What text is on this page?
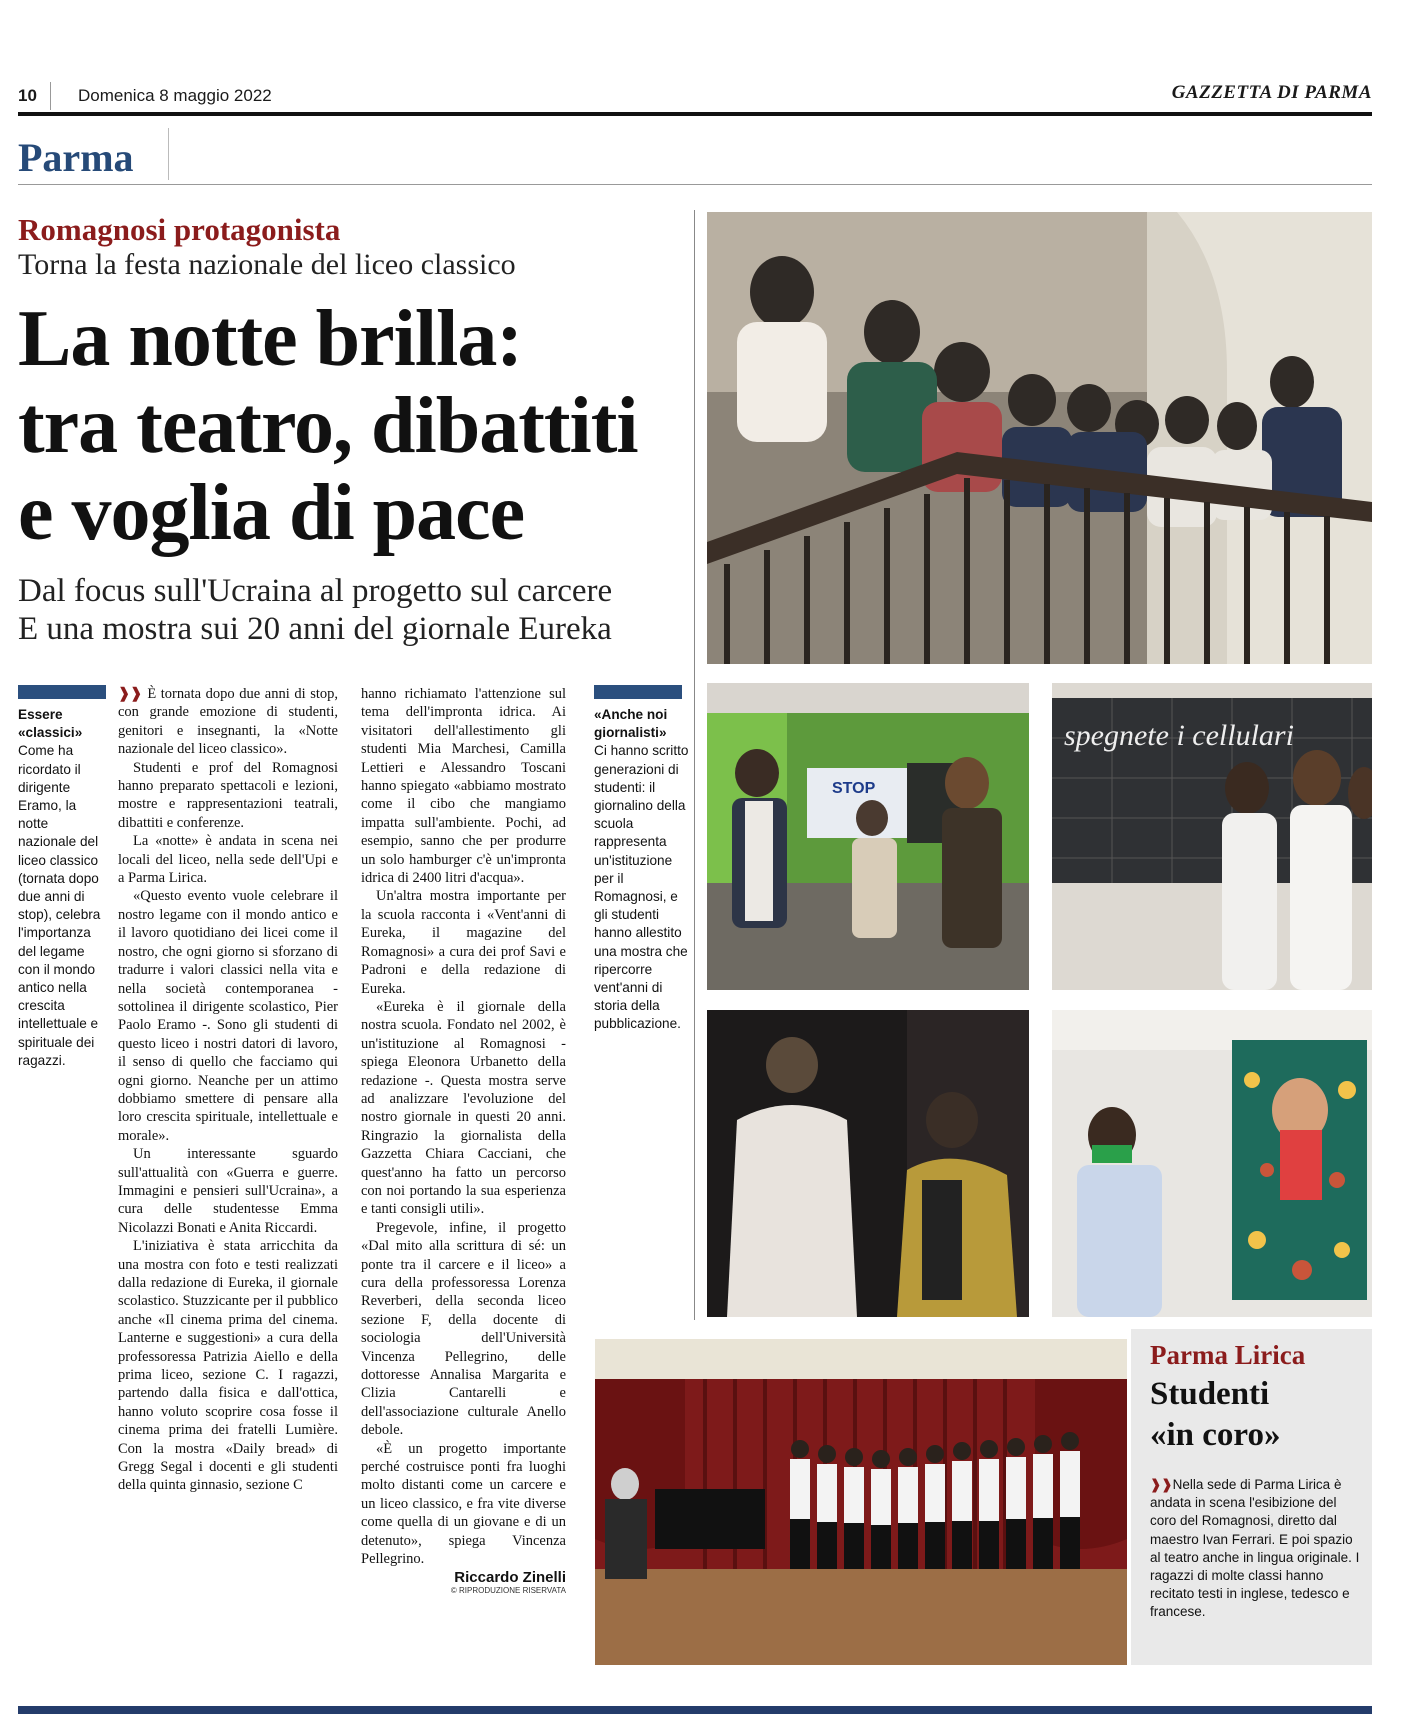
10 Domenica 8 maggio 2022	GAZZETTA DI PARMA
Parma
Romagnosi protagonista
Torna la festa nazionale del liceo classico
La notte brilla:
tra teatro, dibattiti
e voglia di pace
Dal focus sull'Ucraina al progetto sul carcere
E una mostra sui 20 anni del giornale Eureka
Essere
«classici»
Come ha ricordato il dirigente Eramo, la notte nazionale del liceo classico (tornata dopo due anni di stop), celebra l'importanza del legame con il mondo antico nella crescita intellettuale e spirituale dei ragazzi.

❱❱ È tornata dopo due anni di stop, con grande emozione di studenti, genitori e insegnanti, la «Notte nazionale del liceo classico».

Studenti e prof del Romagnosi hanno preparato spettacoli e lezioni, mostre e rappresentazioni teatrali, dibattiti e conferenze.

La «notte» è andata in scena nei locali del liceo, nella sede dell'Upi e a Parma Lirica.

«Questo evento vuole celebrare il nostro legame con il mondo antico e il lavoro quotidiano dei licei come il nostro, che ogni giorno si sforzano di tradurre i valori classici nella vita e nella società contemporanea - sottolinea il dirigente scolastico, Pier Paolo Eramo -. Sono gli studenti di questo liceo i nostri datori di lavoro, il senso di quello che facciamo qui ogni giorno. Neanche per un attimo dobbiamo smettere di pensare alla loro crescita spirituale, intellettuale e morale».

Un interessante sguardo sull'attualità con «Guerra e guerre. Immagini e pensieri sull'Ucraina», a cura delle studentesse Emma Nicolazzi Bonati e Anita Riccardi.

L'iniziativa è stata arricchita da una mostra con foto e testi realizzati dalla redazione di Eureka, il giornale scolastico. Stuzzicante per il pubblico anche «Il cinema prima del cinema. Lanterne e suggestioni» a cura della professoressa Patrizia Aiello e della prima liceo, sezione C. I ragazzi, partendo dalla fisica e dall'ottica, hanno voluto scoprire cosa fosse il cinema prima dei fratelli Lumière. Con la mostra «Daily bread» di Gregg Segal i docenti e gli studenti della quinta ginnasio, sezione C

hanno richiamato l'attenzione sul tema dell'impronta idrica. Ai visitatori dell'allestimento gli studenti Mia Marchesi, Camilla Lettieri e Alessandro Toscani hanno spiegato «abbiamo mostrato come il cibo che mangiamo impatta sull'ambiente. Pochi, ad esempio, sanno che per produrre un solo hamburger c'è un'impronta idrica di 2400 litri d'acqua».

Un'altra mostra importante per la scuola racconta i «Vent'anni di Eureka, il magazine del Romagnosi» a cura dei prof Savi e Padroni e della redazione di Eureka.

«Eureka è il giornale della nostra scuola. Fondato nel 2002, è un'istituzione al Romagnosi - spiega Eleonora Urbanetto della redazione -. Questa mostra serve ad analizzare l'evoluzione del nostro giornale in questi 20 anni. Ringrazio la giornalista della Gazzetta Chiara Cacciani, che quest'anno ha fatto un percorso con noi portando la sua esperienza e tanti consigli utili».

Pregevole, infine, il progetto «Dal mito alla scrittura di sé: un ponte tra il carcere e il liceo» a cura della professoressa Lorenza Reverberi, della seconda liceo sezione F, della docente di sociologia dell'Università Vincenza Pellegrino, delle dottoresse Annalisa Margarita e Clizia Cantarelli e dell'associazione culturale Anello debole.

«È un progetto importante perché costruisce ponti fra luoghi molto distanti come un carcere e un liceo classico, e fra vite diverse come quella di un giovane e di un detenuto», spiega Vincenza Pellegrino.

Riccardo Zinelli
© RIPRODUZIONE RISERVATA
«Anche noi
giornalisti»
Ci hanno scritto generazioni di studenti: il giornalino della scuola rappresenta un'istituzione per il Romagnosi, e gli studenti hanno allestito una mostra che ripercorre vent'anni di storia della pubblicazione.
STOP
spegnete i cellulari
Parma Lirica
Studenti
«in coro»
❱❱Nella sede di Parma Lirica è andata in scena l'esibizione del coro del Romagnosi, diretto dal maestro Ivan Ferrari. E poi spazio al teatro anche in lingua originale. I ragazzi di molte classi hanno recitato testi in inglese, tedesco e francese.
